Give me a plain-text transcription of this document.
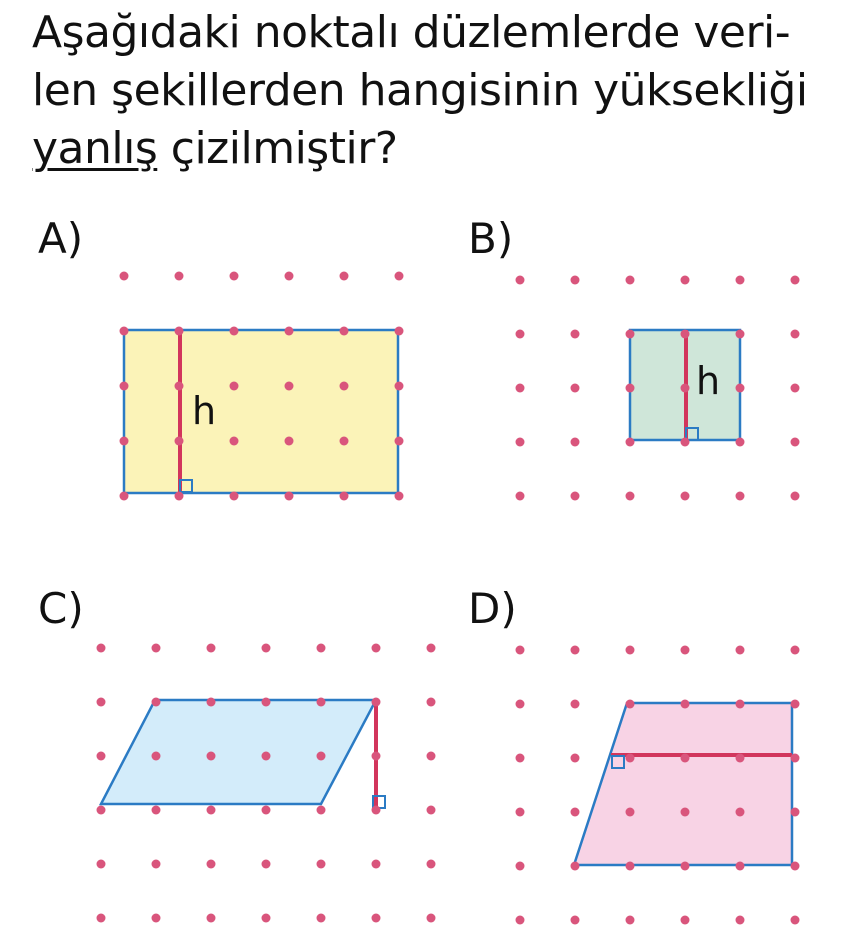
Aşağıdaki noktalı düzlemlerde veri-
len şekillerden hangisinin yüksekliği
yanlış çizilmiştir?
A)	B)
C)	D)
h
h
